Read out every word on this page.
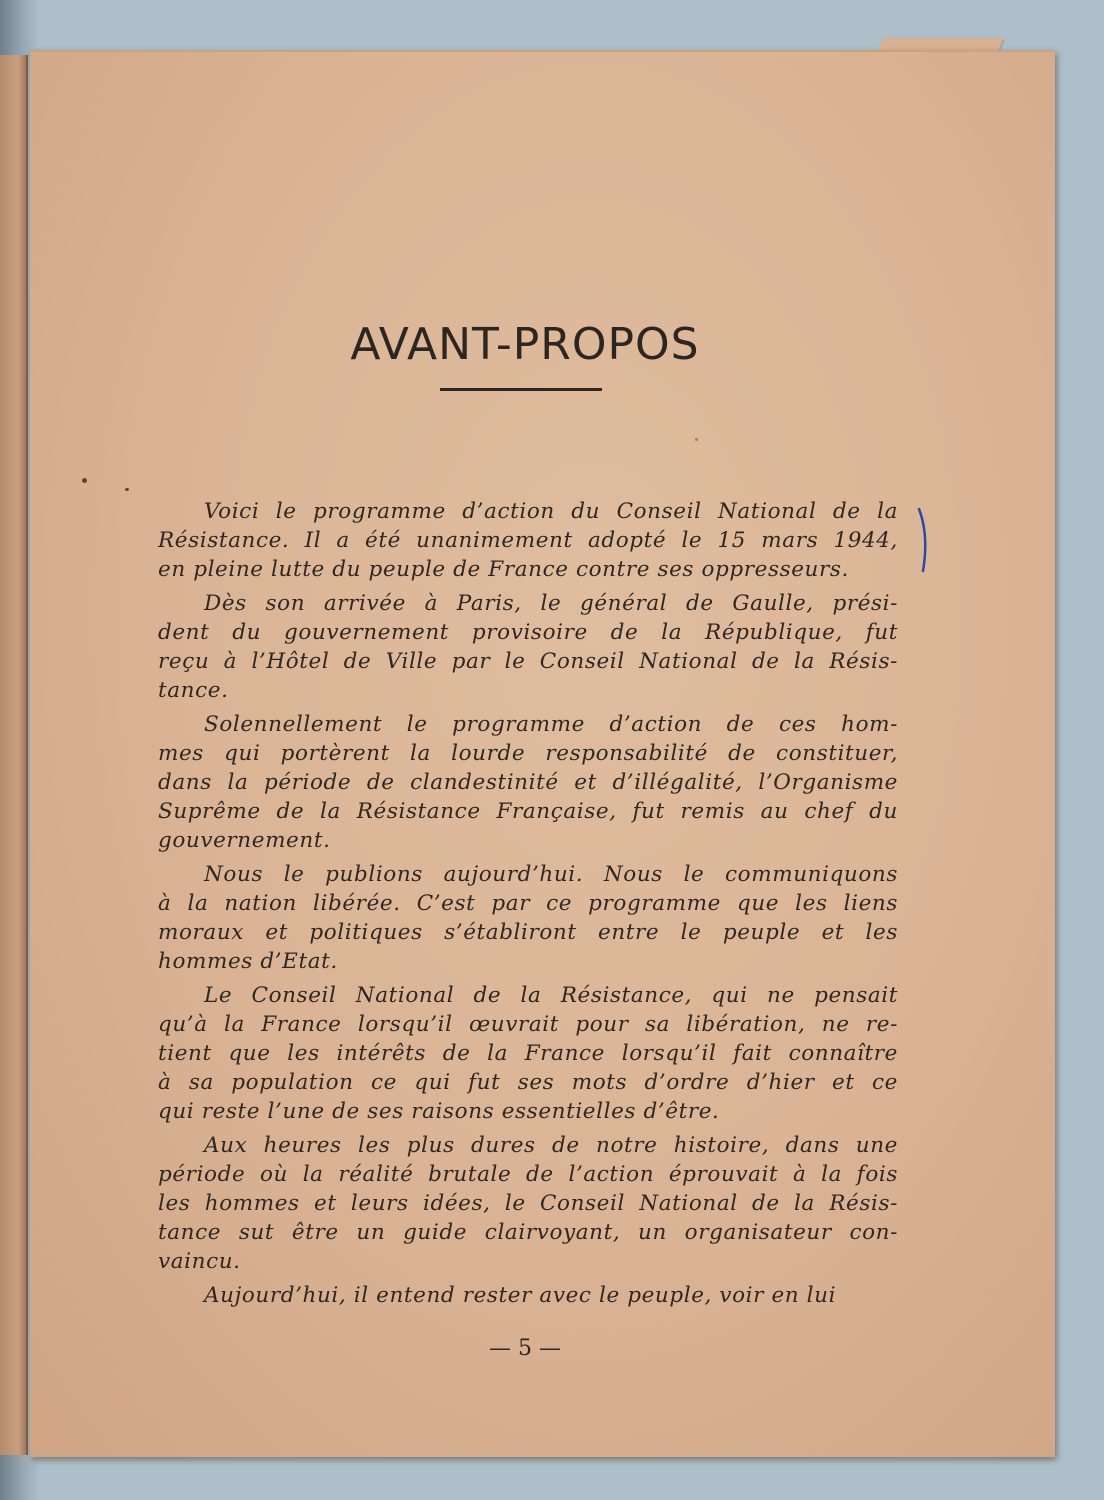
AVANT-PROPOS

Voici le programme d’action du Conseil National de la
Résistance. Il a été unanimement adopté le 15 mars 1944,
en pleine lutte du peuple de France contre ses oppresseurs.

Dès son arrivée à Paris, le général de Gaulle, prési-
dent du gouvernement provisoire de la République, fut
reçu à l’Hôtel de Ville par le Conseil National de la Résis-
tance.

Solennellement le programme d’action de ces hom-
mes qui portèrent la lourde responsabilité de constituer,
dans la période de clandestinité et d’illégalité, l’Organisme
Suprême de la Résistance Française, fut remis au chef du
gouvernement.

Nous le publions aujourd’hui. Nous le communiquons
à la nation libérée. C’est par ce programme que les liens
moraux et politiques s’établiront entre le peuple et les
hommes d’Etat.

Le Conseil National de la Résistance, qui ne pensait
qu’à la France lorsqu’il œuvrait pour sa libération, ne re-
tient que les intérêts de la France lorsqu’il fait connaître
à sa population ce qui fut ses mots d’ordre d’hier et ce
qui reste l’une de ses raisons essentielles d’être.

Aux heures les plus dures de notre histoire, dans une
période où la réalité brutale de l’action éprouvait à la fois
les hommes et leurs idées, le Conseil National de la Résis-
tance sut être un guide clairvoyant, un organisateur con-
vaincu.

Aujourd’hui, il entend rester avec le peuple, voir en lui

— 5 —
